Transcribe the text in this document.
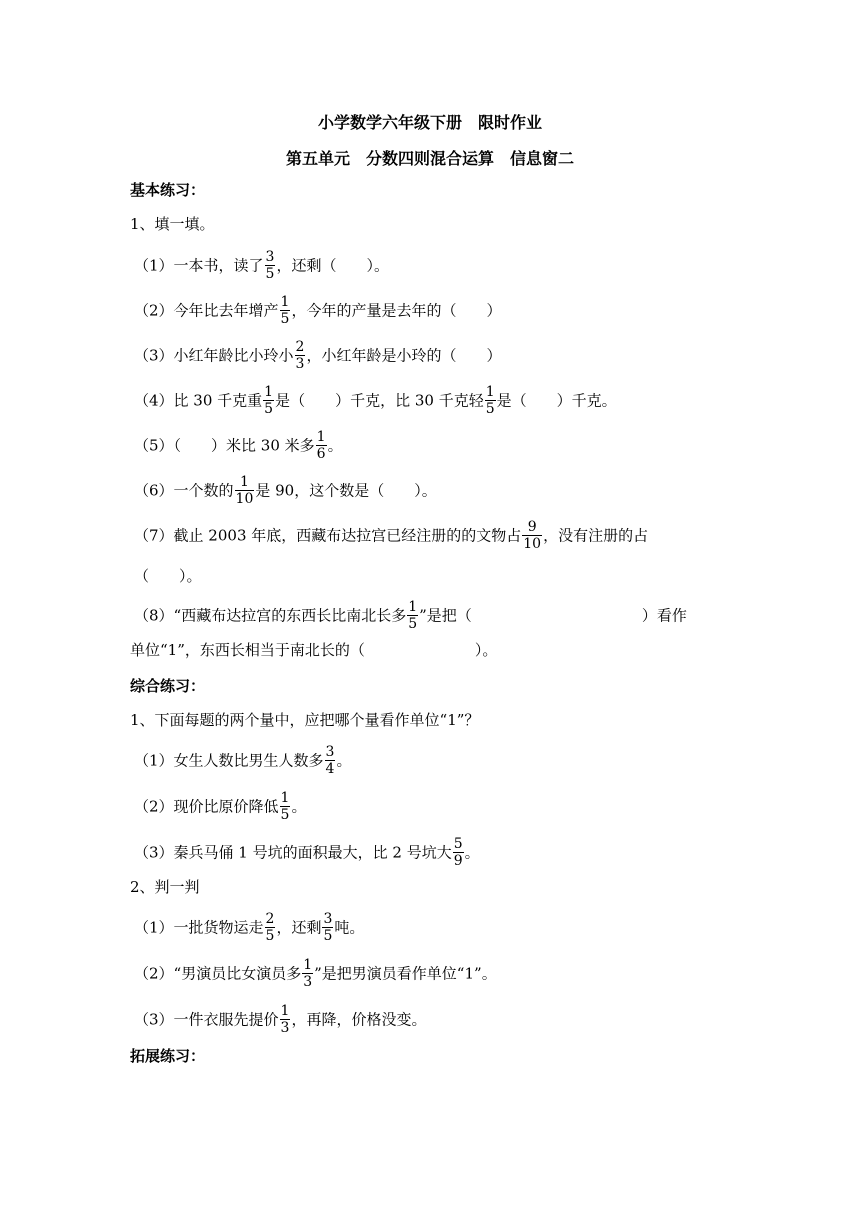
小学数学六年级下册　限时作业
第五单元　分数四则混合运算　信息窗二
基本练习：
1、填一填。
（1）一本书，读了 $\frac{3}{5}$ ，还剩（　　）。
（2）今年比去年增产 $\frac{1}{5}$ ，今年的产量是去年的（　　）
（3）小红年龄比小玲小 $\frac{2}{3}$ ，小红年龄是小玲的（　　）
（4）比 30 千克重 $\frac{1}{5}$ 是（　　）千克，比 30 千克轻 $\frac{1}{5}$ 是（　　）千克。
（5）（　　）米比 30 米多 $\frac{1}{6}$ 。
（6）一个数的 $\frac{1}{10}$ 是 90，这个数是（　　）。
（7）截止 2003 年底，西藏布达拉宫已经注册的的文物占 $\frac{9}{10}$ ，没有注册的占
（　　）。
（8）“西藏布达拉宫的东西长比南北长多 $\frac{1}{5}$ ”是把（	）看作
单位“1”，东西长相当于南北长的（	）。
综合练习：
1、下面每题的两个量中，应把哪个量看作单位“1”？
（1）女生人数比男生人数多 $\frac{3}{4}$ 。
（2）现价比原价降低 $\frac{1}{5}$ 。
（3）秦兵马俑 1 号坑的面积最大，比 2 号坑大 $\frac{5}{9}$ 。
2、判一判
（1）一批货物运走 $\frac{2}{5}$ ，还剩 $\frac{3}{5}$ 吨。
（2）“男演员比女演员多 $\frac{1}{3}$ ”是把男演员看作单位“1”。
（3）一件衣服先提价 $\frac{1}{3}$ ，再降，价格没变。
拓展练习：
